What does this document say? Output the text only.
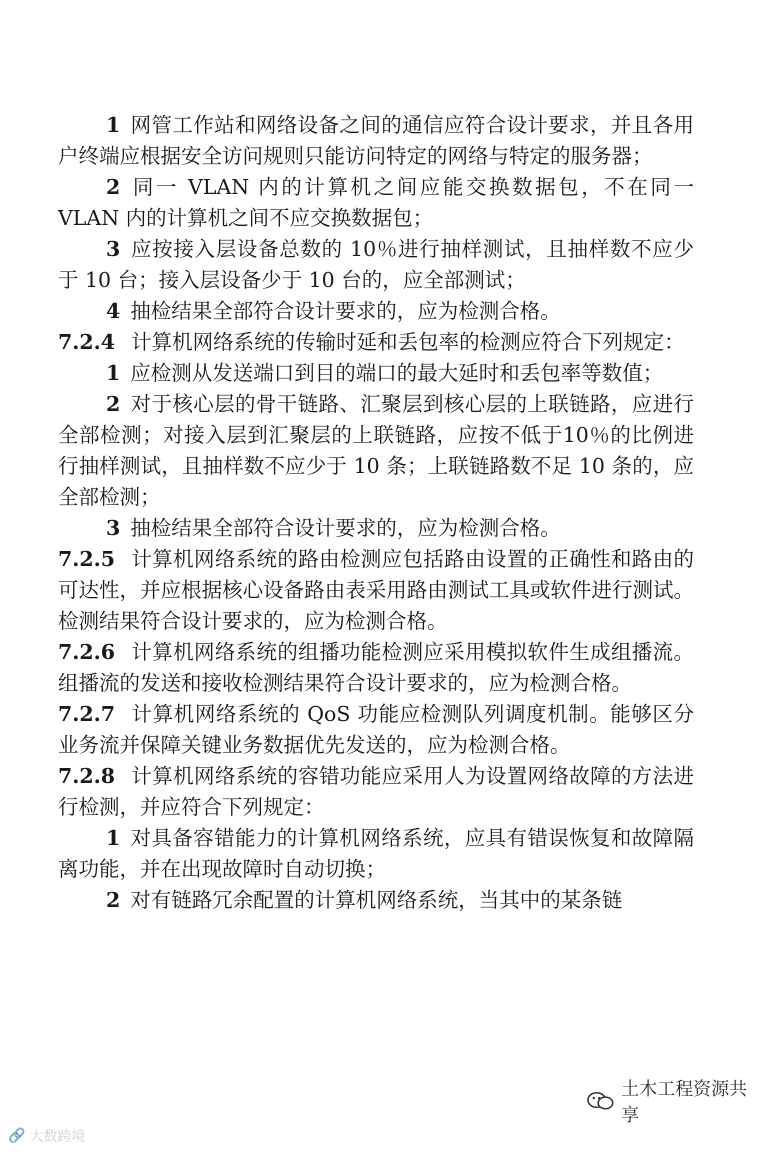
1 网管工作站和网络设备之间的通信应符合设计要求，并且各用户终端应根据安全访问规则只能访问特定的网络与特定的服务器；

2 同一 VLAN 内的计算机之间应能交换数据包，不在同一VLAN 内的计算机之间不应交换数据包；

3 应按接入层设备总数的 10％进行抽样测试，且抽样数不应少于 10 台；接入层设备少于 10 台的，应全部测试；

4 抽检结果全部符合设计要求的，应为检测合格。

7.2.4 计算机网络系统的传输时延和丢包率的检测应符合下列规定：

1 应检测从发送端口到目的端口的最大延时和丢包率等数值；

2 对于核心层的骨干链路、汇聚层到核心层的上联链路，应进行全部检测；对接入层到汇聚层的上联链路，应按不低于10％的比例进行抽样测试，且抽样数不应少于 10 条；上联链路数不足 10 条的，应全部检测；

3 抽检结果全部符合设计要求的，应为检测合格。

7.2.5 计算机网络系统的路由检测应包括路由设置的正确性和路由的可达性，并应根据核心设备路由表采用路由测试工具或软件进行测试。检测结果符合设计要求的，应为检测合格。

7.2.6 计算机网络系统的组播功能检测应采用模拟软件生成组播流。组播流的发送和接收检测结果符合设计要求的，应为检测合格。

7.2.7 计算机网络系统的 QoS 功能应检测队列调度机制。能够区分业务流并保障关键业务数据优先发送的，应为检测合格。

7.2.8 计算机网络系统的容错功能应采用人为设置网络故障的方法进行检测，并应符合下列规定：

1 对具备容错能力的计算机网络系统，应具有错误恢复和故障隔离功能，并在出现故障时自动切换；

2 对有链路冗余配置的计算机网络系统，当其中的某条链

🔗 大数跨境
土木工程资源共享
